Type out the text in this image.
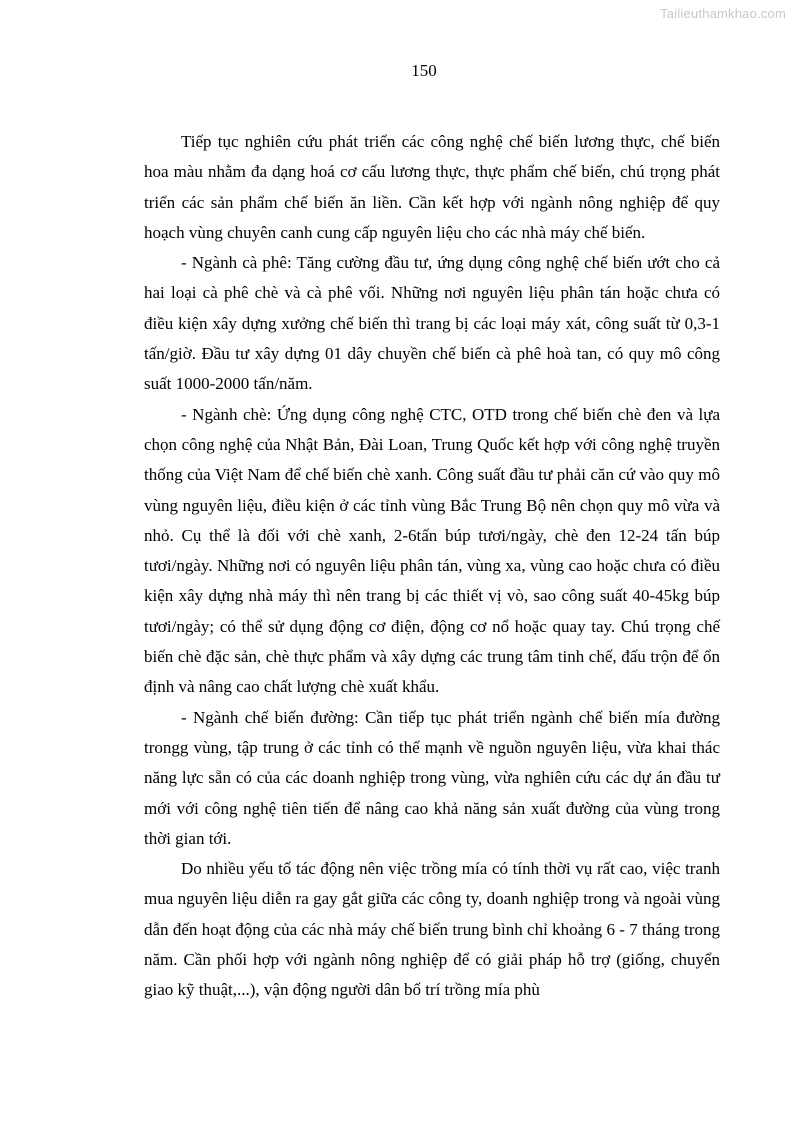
Tailieuthamkhao.com
150

Tiếp tục nghiên cứu phát triển các công nghệ chế biến lương thực, chế biến hoa màu nhằm đa dạng hoá cơ cấu lương thực, thực phẩm chế biến, chú trọng phát triển các sản phẩm chế biến ăn liền. Cần kết hợp với ngành nông nghiệp để quy hoạch vùng chuyên canh cung cấp nguyên liệu cho các nhà máy chế biến.

- Ngành cà phê: Tăng cường đầu tư, ứng dụng công nghệ chế biến ướt cho cả hai loại cà phê chè và cà phê vối. Những nơi nguyên liệu phân tán hoặc chưa có điều kiện xây dựng xưởng chế biến thì trang bị các loại máy xát, công suất từ 0,3-1 tấn/giờ. Đầu tư xây dựng 01 dây chuyền chế biến cà phê hoà tan, có quy mô công suất 1000-2000 tấn/năm.

- Ngành chè: Ứng dụng công nghệ CTC, OTD trong chế biến chè đen và lựa chọn công nghệ của Nhật Bản, Đài Loan, Trung Quốc kết hợp với công nghệ truyền thống của Việt Nam để chế biến chè xanh. Công suất đầu tư phải căn cứ vào quy mô vùng nguyên liệu, điều kiện ở các tỉnh vùng Bắc Trung Bộ nên chọn quy mô vừa và nhỏ. Cụ thể là đối với chè xanh, 2-6tấn búp tươi/ngày, chè đen 12-24 tấn búp tươi/ngày. Những nơi có nguyên liệu phân tán, vùng xa, vùng cao hoặc chưa có điều kiện xây dựng nhà máy thì nên trang bị các thiết vị vò, sao công suất 40-45kg búp tươi/ngày; có thể sử dụng động cơ điện, động cơ nổ hoặc quay tay. Chú trọng chế biến chè đặc sản, chè thực phẩm và xây dựng các trung tâm tinh chế, đấu trộn để ổn định và nâng cao chất lượng chè xuất khẩu.

- Ngành chế biến đường: Cần tiếp tục phát triển ngành chế biến mía đường trongg vùng, tập trung ở các tỉnh có thế mạnh về nguồn nguyên liệu, vừa khai thác năng lực sẵn có của các doanh nghiệp trong vùng, vừa nghiên cứu các dự án đầu tư mới với công nghệ tiên tiến để nâng cao khả năng sản xuất đường của vùng trong thời gian tới.

Do nhiều yếu tố tác động nên việc trồng mía có tính thời vụ rất cao, việc tranh mua nguyên liệu diễn ra gay gắt giữa các công ty, doanh nghiệp trong và ngoài vùng dẫn đến hoạt động của các nhà máy chế biến trung bình chỉ khoảng 6 - 7 tháng trong năm. Cần phối hợp với ngành nông nghiệp để có giải pháp hỗ trợ (giống, chuyển giao kỹ thuật,...), vận động người dân bố trí trồng mía phù
